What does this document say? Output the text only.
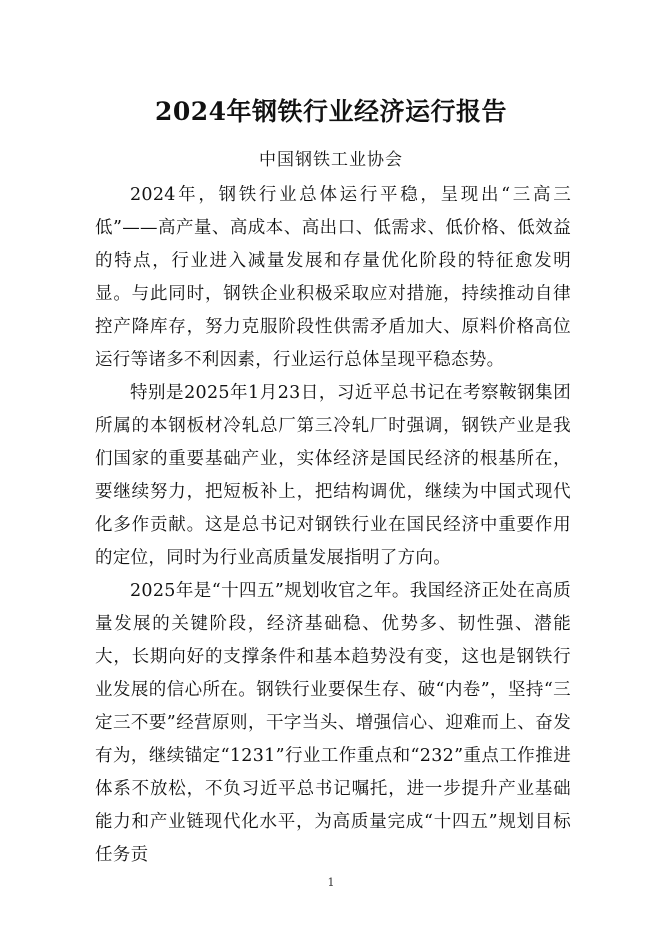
2024年钢铁行业经济运行报告
中国钢铁工业协会

2024年，钢铁行业总体运行平稳，呈现出“三高三低”——高产量、高成本、高出口、低需求、低价格、低效益的特点，行业进入减量发展和存量优化阶段的特征愈发明显。与此同时，钢铁企业积极采取应对措施，持续推动自律控产降库存，努力克服阶段性供需矛盾加大、原料价格高位运行等诸多不利因素，行业运行总体呈现平稳态势。

特别是2025年1月23日，习近平总书记在考察鞍钢集团所属的本钢板材冷轧总厂第三冷轧厂时强调，钢铁产业是我们国家的重要基础产业，实体经济是国民经济的根基所在，要继续努力，把短板补上，把结构调优，继续为中国式现代化多作贡献。这是总书记对钢铁行业在国民经济中重要作用的定位，同时为行业高质量发展指明了方向。

2025年是“十四五”规划收官之年。我国经济正处在高质量发展的关键阶段，经济基础稳、优势多、韧性强、潜能大，长期向好的支撑条件和基本趋势没有变，这也是钢铁行业发展的信心所在。钢铁行业要保生存、破“内卷”，坚持“三定三不要”经营原则，干字当头、增强信心、迎难而上、奋发有为，继续锚定“1231”行业工作重点和“232”重点工作推进体系不放松，不负习近平总书记嘱托，进一步提升产业基础能力和产业链现代化水平，为高质量完成“十四五”规划目标任务贡

1
